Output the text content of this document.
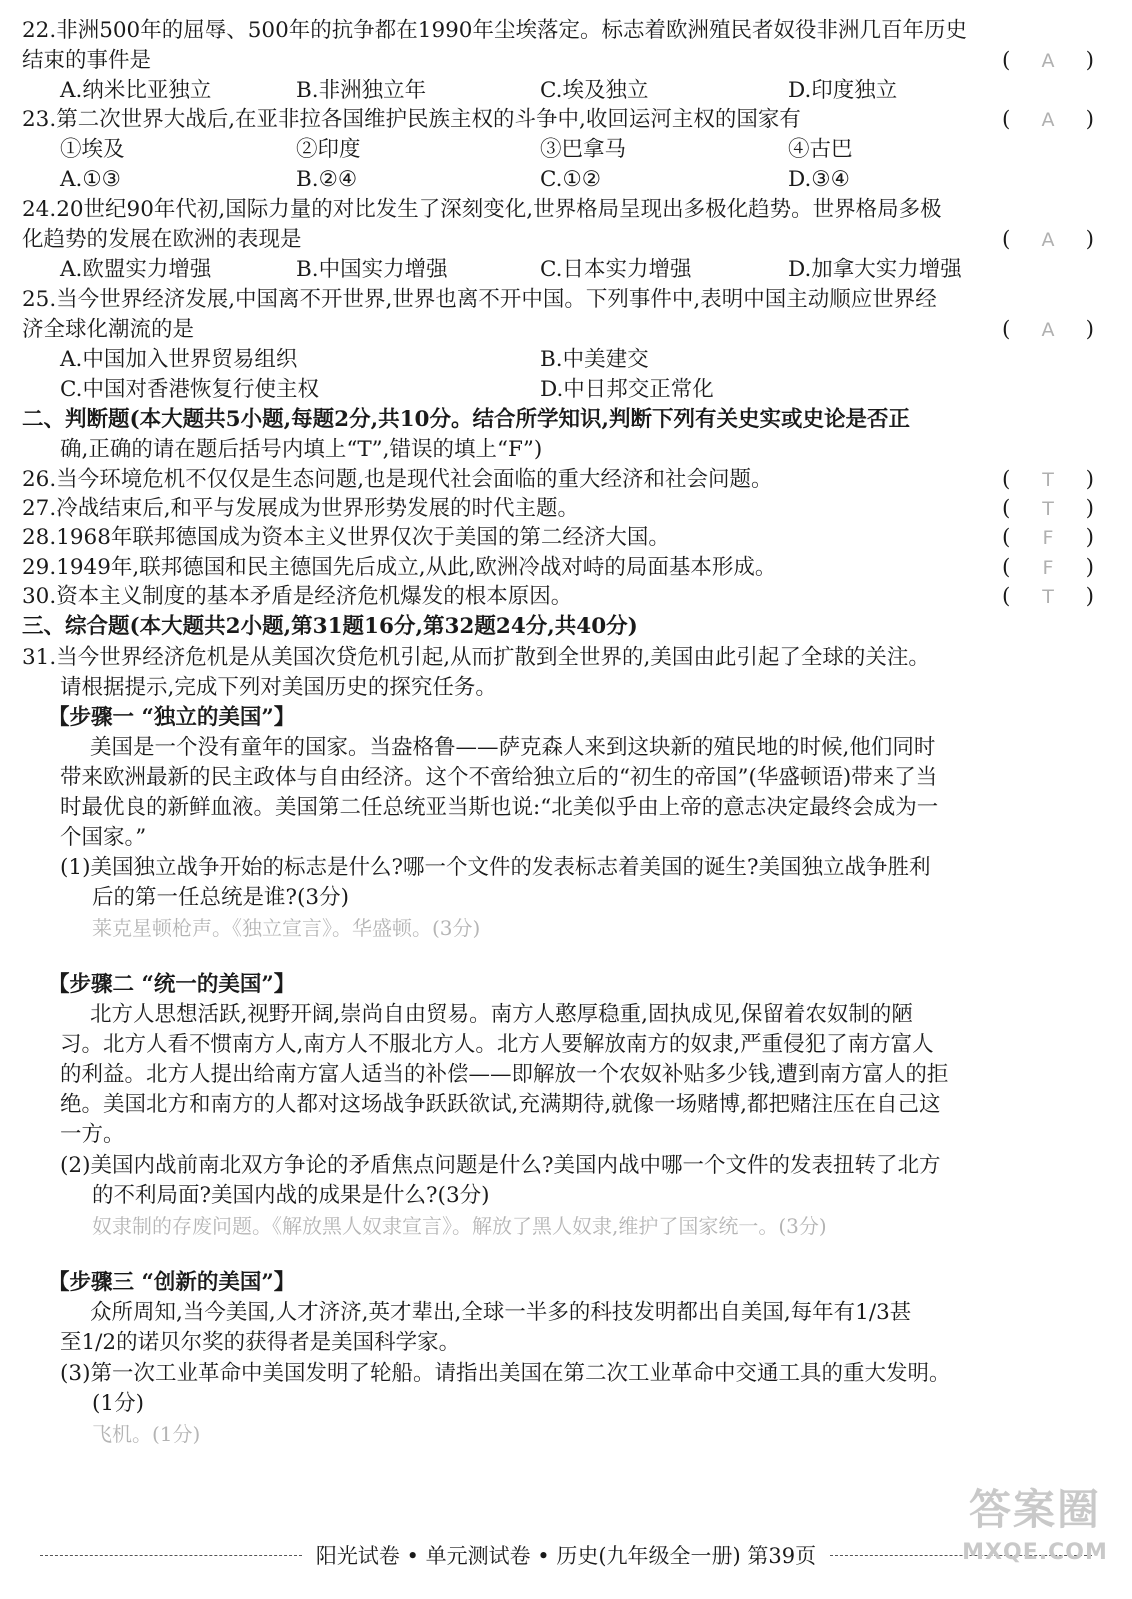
22.非洲500年的屈辱、500年的抗争都在1990年尘埃落定。标志着欧洲殖民者奴役非洲几百年历史
结束的事件是	( A )
A.纳米比亚独立	B.非洲独立年	C.埃及独立	D.印度独立
23.第二次世界大战后,在亚非拉各国维护民族主权的斗争中,收回运河主权的国家有	( A )
①埃及	②印度	③巴拿马	④古巴
A.①③	B.②④	C.①②	D.③④
24.20世纪90年代初,国际力量的对比发生了深刻变化,世界格局呈现出多极化趋势。世界格局多极
化趋势的发展在欧洲的表现是	( A )
A.欧盟实力增强	B.中国实力增强	C.日本实力增强	D.加拿大实力增强
25.当今世界经济发展,中国离不开世界,世界也离不开中国。下列事件中,表明中国主动顺应世界经
济全球化潮流的是	( A )
A.中国加入世界贸易组织	B.中美建交
C.中国对香港恢复行使主权	D.中日邦交正常化
二、判断题(本大题共5小题,每题2分,共10分。结合所学知识,判断下列有关史实或史论是否正
确,正确的请在题后括号内填上“T”,错误的填上“F”)
26.当今环境危机不仅仅是生态问题,也是现代社会面临的重大经济和社会问题。	( T )
27.冷战结束后,和平与发展成为世界形势发展的时代主题。	( T )
28.1968年联邦德国成为资本主义世界仅次于美国的第二经济大国。	( F )
29.1949年,联邦德国和民主德国先后成立,从此,欧洲冷战对峙的局面基本形成。	( F )
30.资本主义制度的基本矛盾是经济危机爆发的根本原因。	( T )
三、综合题(本大题共2小题,第31题16分,第32题24分,共40分)
31.当今世界经济危机是从美国次贷危机引起,从而扩散到全世界的,美国由此引起了全球的关注。
请根据提示,完成下列对美国历史的探究任务。
【步骤一 “独立的美国”】
美国是一个没有童年的国家。当盎格鲁——萨克森人来到这块新的殖民地的时候,他们同时
带来欧洲最新的民主政体与自由经济。这个不啻给独立后的“初生的帝国”(华盛顿语)带来了当
时最优良的新鲜血液。美国第二任总统亚当斯也说:“北美似乎由上帝的意志决定最终会成为一
个国家。”
(1)美国独立战争开始的标志是什么?哪一个文件的发表标志着美国的诞生?美国独立战争胜利
后的第一任总统是谁?(3分)
莱克星顿枪声。《独立宣言》。华盛顿。(3分)
【步骤二 “统一的美国”】
北方人思想活跃,视野开阔,崇尚自由贸易。南方人憨厚稳重,固执成见,保留着农奴制的陋
习。北方人看不惯南方人,南方人不服北方人。北方人要解放南方的奴隶,严重侵犯了南方富人
的利益。北方人提出给南方富人适当的补偿——即解放一个农奴补贴多少钱,遭到南方富人的拒
绝。美国北方和南方的人都对这场战争跃跃欲试,充满期待,就像一场赌博,都把赌注压在自己这
一方。
(2)美国内战前南北双方争论的矛盾焦点问题是什么?美国内战中哪一个文件的发表扭转了北方
的不利局面?美国内战的成果是什么?(3分)
奴隶制的存废问题。《解放黑人奴隶宣言》。解放了黑人奴隶,维护了国家统一。(3分)
【步骤三 “创新的美国”】
众所周知,当今美国,人才济济,英才辈出,全球一半多的科技发明都出自美国,每年有1/3甚
至1/2的诺贝尔奖的获得者是美国科学家。
(3)第一次工业革命中美国发明了轮船。请指出美国在第二次工业革命中交通工具的重大发明。
(1分)
飞机。(1分)
阳光试卷 • 单元测试卷 • 历史(九年级全一册) 第39页
答案圈
MXQE.COM
